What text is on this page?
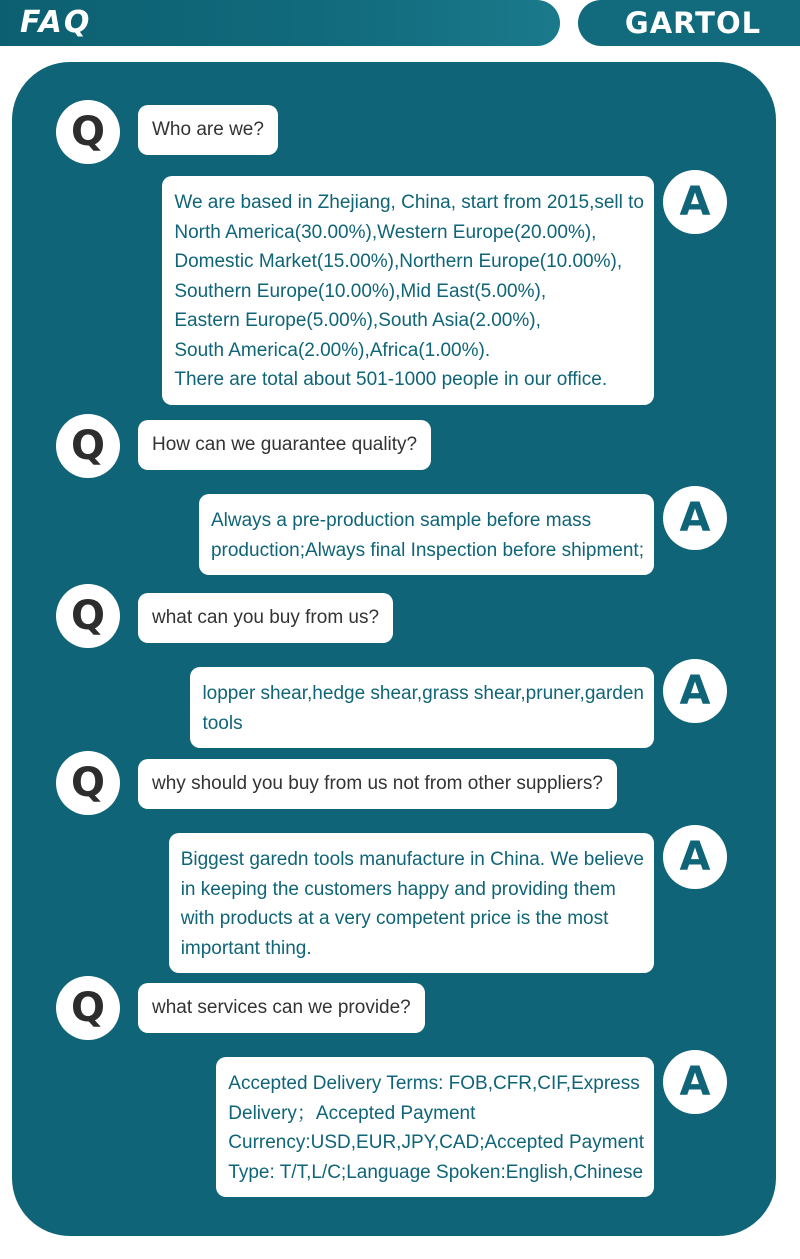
FAQ	GARTOL
Q	Who are we?
We are based in Zhejiang, China, start from 2015,sell to
North America(30.00%),Western Europe(20.00%),
Domestic Market(15.00%),Northern Europe(10.00%),
Southern Europe(10.00%),Mid East(5.00%),
Eastern Europe(5.00%),South Asia(2.00%),
South America(2.00%),Africa(1.00%).
There are total about 501-1000 people in our office.
A
Q	How can we guarantee quality?
Always a pre-production sample before mass
production;Always final Inspection before shipment;
A
Q	what can you buy from us?
lopper shear,hedge shear,grass shear,pruner,garden
tools
A
Q	why should you buy from us not from other suppliers?
Biggest garedn tools manufacture in China. We believe
in keeping the customers happy and providing them
with products at a very competent price is the most
important thing.
A
Q	what services can we provide?
Accepted Delivery Terms: FOB,CFR,CIF,Express
Delivery；Accepted Payment
Currency:USD,EUR,JPY,CAD;Accepted Payment
Type: T/T,L/C;Language Spoken:English,Chinese
A
